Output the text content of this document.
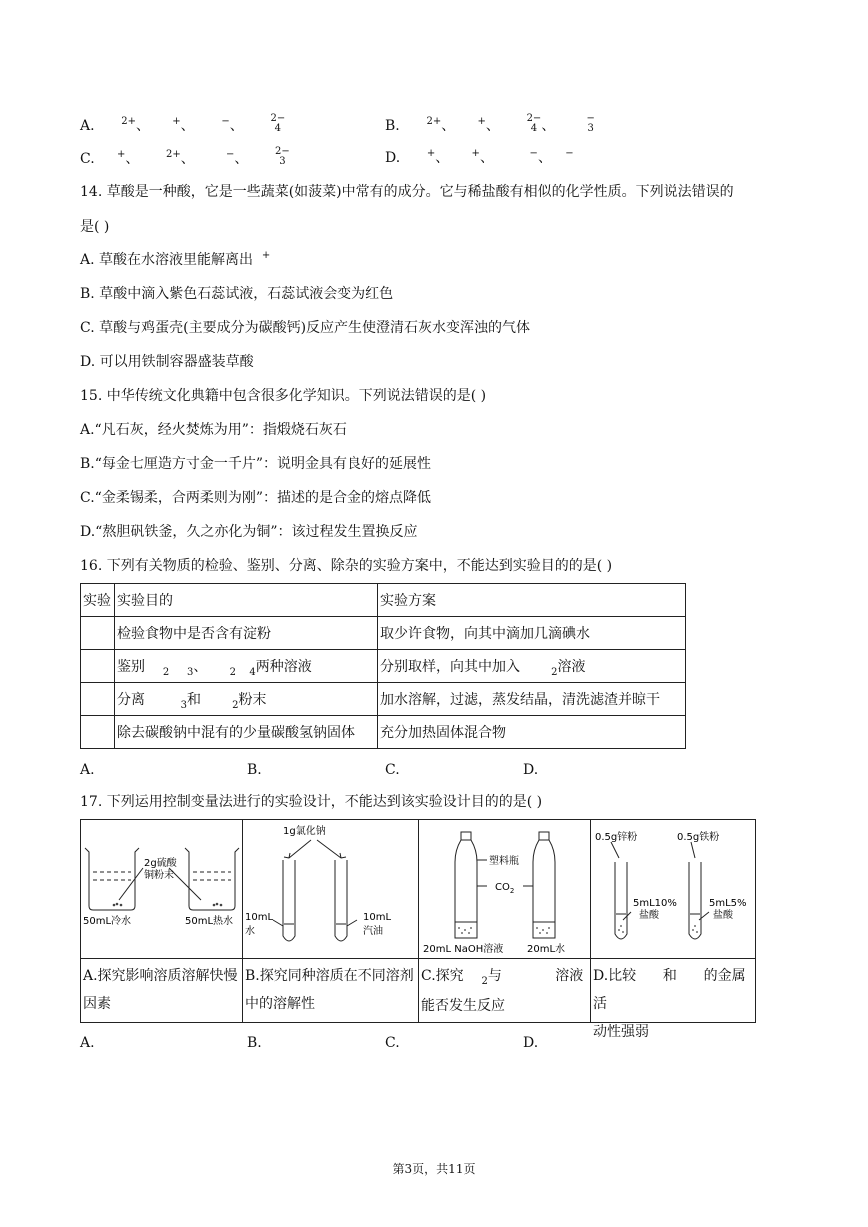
A.	$^{2+}$、 +、	−、	2−
4	B.	$^{2+}$、 +、	2−
4 、	−
3
C. +、	$^{2+}$、	−、	2−
3	D.	+、 +、	−、 −
14. 草酸是一种酸，它是一些蔬菜(如菠菜)中常有的成分。它与稀盐酸有相似的化学性质。下列说法错误的
是( )
A. 草酸在水溶液里能解离出 +
B. 草酸中滴入紫色石蕊试液，石蕊试液会变为红色
C. 草酸与鸡蛋壳(主要成分为碳酸钙)反应产生使澄清石灰水变浑浊的气体
D. 可以用铁制容器盛装草酸
15. 中华传统文化典籍中包含很多化学知识。下列说法错误的是( )
A.“凡石灰，经火焚炼为用”：指煅烧石灰石
B.“每金七厘造方寸金一千片”：说明金具有良好的延展性
C.“金柔锡柔，合两柔则为刚”：描述的是合金的熔点降低
D.“熬胆矾铁釜，久之亦化为铜”：该过程发生置换反应
16. 下列有关物质的检验、鉴别、分离、除杂的实验方案中，不能达到实验目的的是( )
实验	实验目的	实验方案
	检验食物中是否含有淀粉	取少许食物，向其中滴加几滴碘水
	鉴别 $_2$ $_3$、 $_2$ $_4$两种溶液	分别取样，向其中加入 $_2$溶液
	分离 $_3$和 $_2$粉末	加水溶解，过滤，蒸发结晶，清洗滤渣并晾干
	除去碳酸钠中混有的少量碳酸氢钠固体	充分加热固体混合物
A.	B.	C.	D.
17. 下列运用控制变量法进行的实验设计，不能达到该实验设计目的的是( )
2g硫酸
铜粉末
50mL冷水	50mL热水
1g氯化钠
10mL
水
10mL
汽油
塑料瓶
$CO_2$
20mL NaOH溶液 20mL水
0.5g锌粉	0.5g铁粉
5mL10%
盐酸
5mL5%
盐酸
A.探究影响溶质溶解快慢因素
B.探究同种溶质在不同溶剂中的溶解性
C.探究 $_2$与	溶液
能否发生反应
D.比较 和 的金属活
动性强弱
A.	B.	C.	D.
第3页，共11页
